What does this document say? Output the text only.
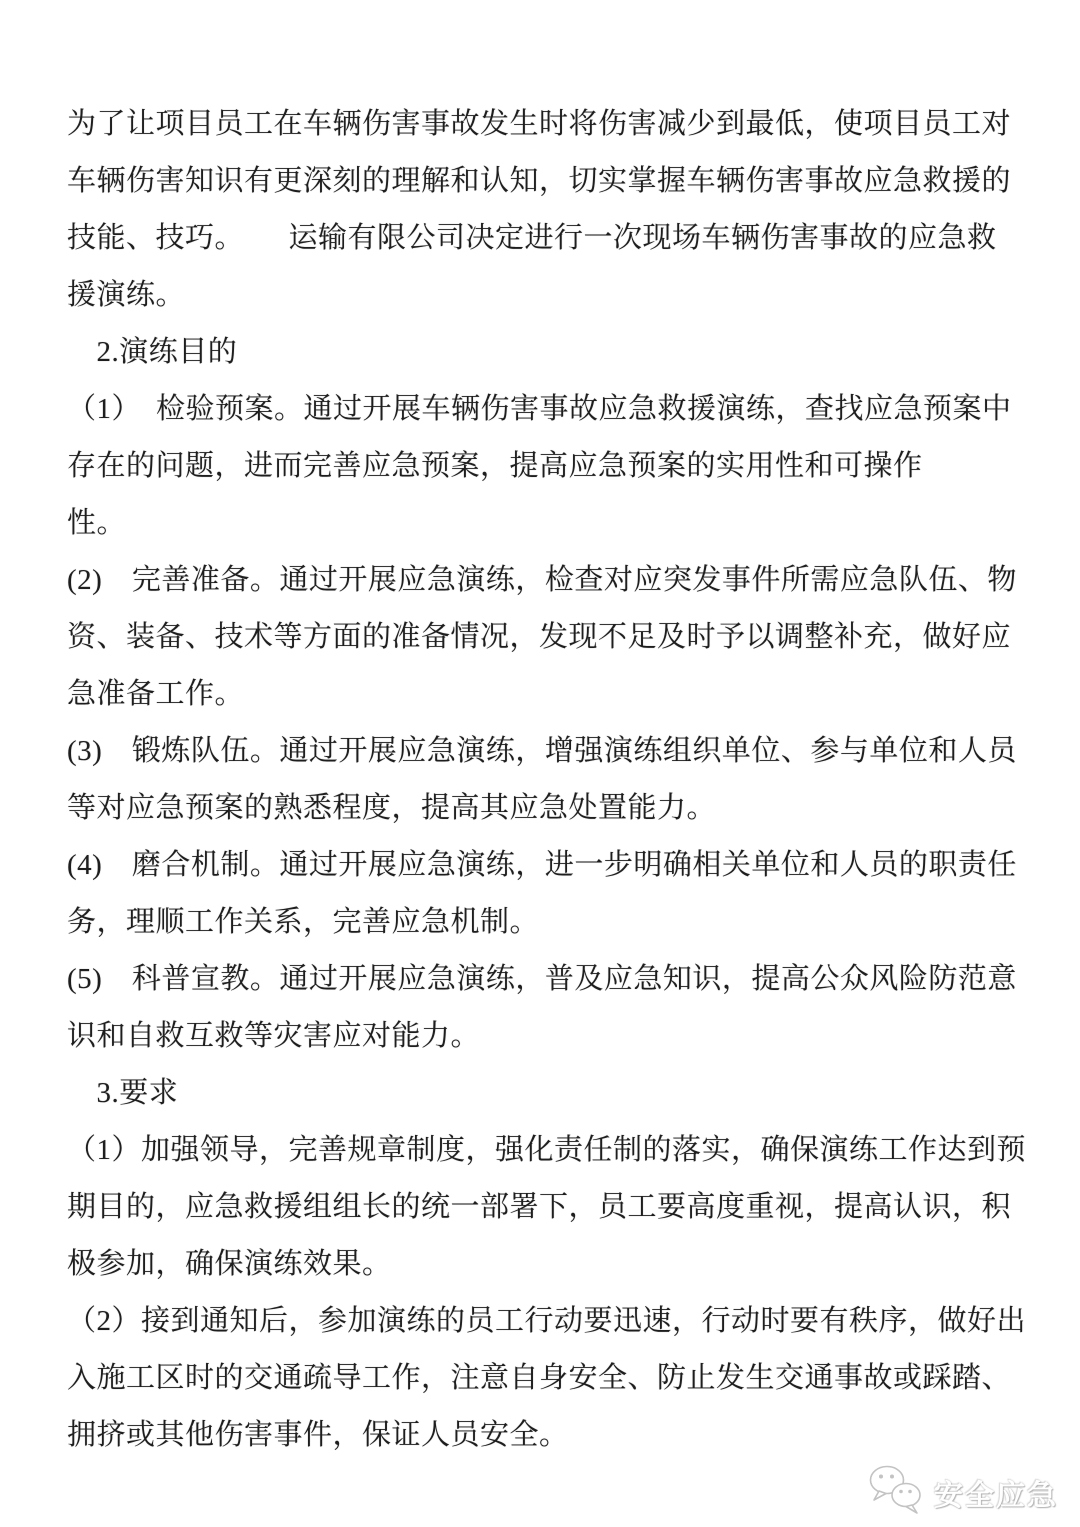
为了让项目员工在车辆伤害事故发生时将伤害减少到最低，使项目员工对
车辆伤害知识有更深刻的理解和认知，切实掌握车辆伤害事故应急救援的
技能、技巧。　　运输有限公司决定进行一次现场车辆伤害事故的应急救
援演练。
　2.演练目的
（1）　检验预案。通过开展车辆伤害事故应急救援演练，查找应急预案中
存在的问题，进而完善应急预案，提高应急预案的实用性和可操作
性。
(2)　完善准备。通过开展应急演练，检查对应突发事件所需应急队伍、物
资、装备、技术等方面的准备情况，发现不足及时予以调整补充，做好应
急准备工作。
(3)　锻炼队伍。通过开展应急演练，增强演练组织单位、参与单位和人员
等对应急预案的熟悉程度，提高其应急处置能力。
(4)　磨合机制。通过开展应急演练，进一步明确相关单位和人员的职责任
务，理顺工作关系，完善应急机制。
(5)　科普宣教。通过开展应急演练，普及应急知识，提高公众风险防范意
识和自救互救等灾害应对能力。
　3.要求
（1）加强领导，完善规章制度，强化责任制的落实，确保演练工作达到预
期目的，应急救援组组长的统一部署下，员工要高度重视，提高认识，积
极参加，确保演练效果。
（2）接到通知后，参加演练的员工行动要迅速，行动时要有秩序，做好出
入施工区时的交通疏导工作，注意自身安全、防止发生交通事故或踩踏、
拥挤或其他伤害事件，保证人员安全。
安全应急
